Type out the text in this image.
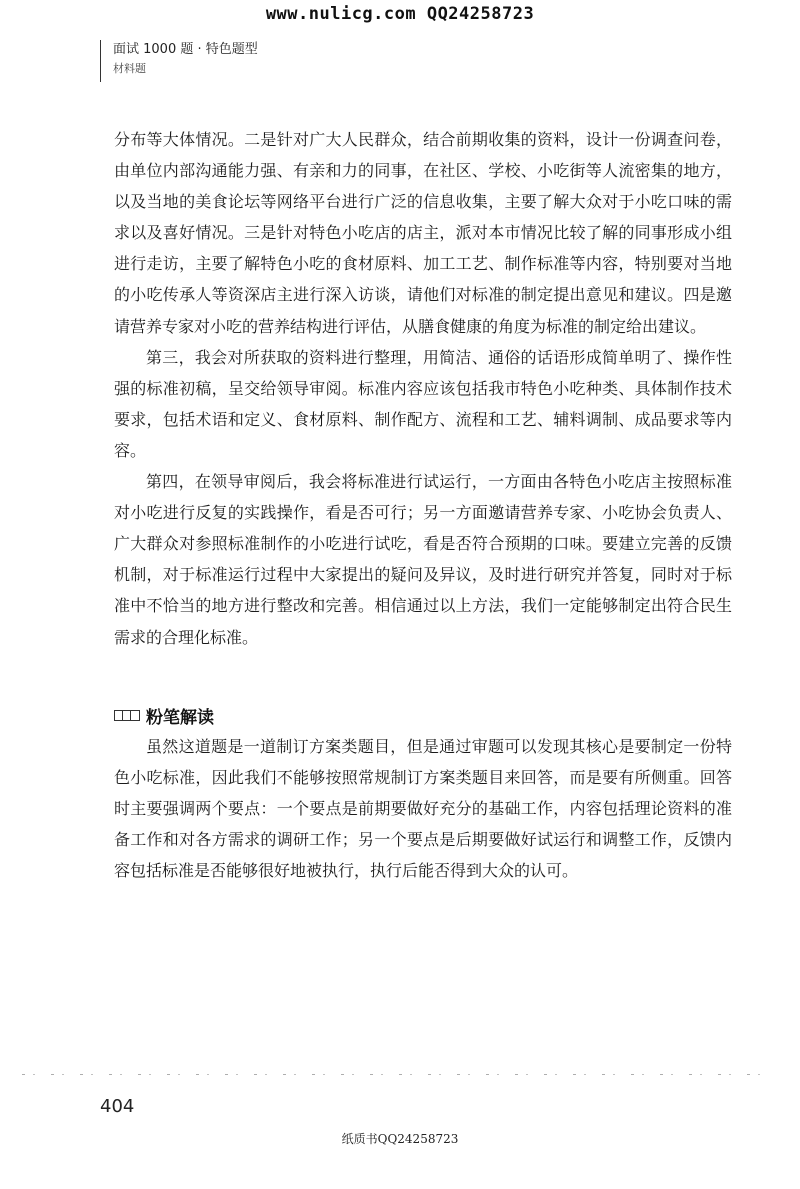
www.nulicg.com QQ24258723
面试 1000 题 · 特色题型
材料题

分布等大体情况。二是针对广大人民群众，结合前期收集的资料，设计一份调查问卷，由单位内部沟通能力强、有亲和力的同事，在社区、学校、小吃街等人流密集的地方，以及当地的美食论坛等网络平台进行广泛的信息收集，主要了解大众对于小吃口味的需求以及喜好情况。三是针对特色小吃店的店主，派对本市情况比较了解的同事形成小组进行走访，主要了解特色小吃的食材原料、加工工艺、制作标准等内容，特别要对当地的小吃传承人等资深店主进行深入访谈，请他们对标准的制定提出意见和建议。四是邀请营养专家对小吃的营养结构进行评估，从膳食健康的角度为标准的制定给出建议。

第三，我会对所获取的资料进行整理，用简洁、通俗的话语形成简单明了、操作性强的标准初稿，呈交给领导审阅。标准内容应该包括我市特色小吃种类、具体制作技术要求，包括术语和定义、食材原料、制作配方、流程和工艺、辅料调制、成品要求等内容。

第四，在领导审阅后，我会将标准进行试运行，一方面由各特色小吃店主按照标准对小吃进行反复的实践操作，看是否可行；另一方面邀请营养专家、小吃协会负责人、广大群众对参照标准制作的小吃进行试吃，看是否符合预期的口味。要建立完善的反馈机制，对于标准运行过程中大家提出的疑问及异议，及时进行研究并答复，同时对于标准中不恰当的地方进行整改和完善。相信通过以上方法，我们一定能够制定出符合民生需求的合理化标准。

粉笔解读

虽然这道题是一道制订方案类题目，但是通过审题可以发现其核心是要制定一份特色小吃标准，因此我们不能够按照常规制订方案类题目来回答，而是要有所侧重。回答时主要强调两个要点：一个要点是前期要做好充分的基础工作，内容包括理论资料的准备工作和对各方需求的调研工作；另一个要点是后期要做好试运行和调整工作，反馈内容包括标准是否能够很好地被执行，执行后能否得到大众的认可。

404
纸质书QQ24258723
